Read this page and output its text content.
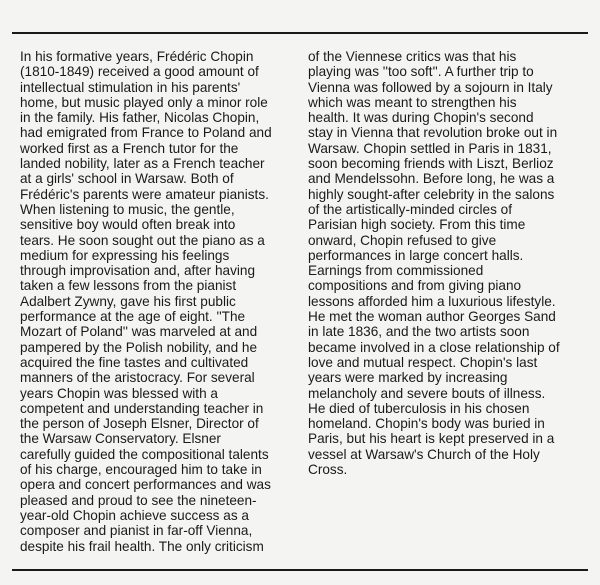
In his formative years, Frédéric Chopin
(1810-1849) received a good amount of
intellectual stimulation in his parents'
home, but music played only a minor role
in the family. His father, Nicolas Chopin,
had emigrated from France to Poland and
worked first as a French tutor for the
landed nobility, later as a French teacher
at a girls' school in Warsaw. Both of
Frédéric's parents were amateur pianists.
When listening to music, the gentle,
sensitive boy would often break into
tears. He soon sought out the piano as a
medium for expressing his feelings
through improvisation and, after having
taken a few lessons from the pianist
Adalbert Zywny, gave his first public
performance at the age of eight. ''The
Mozart of Poland'' was marveled at and
pampered by the Polish nobility, and he
acquired the fine tastes and cultivated
manners of the aristocracy. For several
years Chopin was blessed with a
competent and understanding teacher in
the person of Joseph Elsner, Director of
the Warsaw Conservatory. Elsner
carefully guided the compositional talents
of his charge, encouraged him to take in
opera and concert performances and was
pleased and proud to see the nineteen-
year-old Chopin achieve success as a
composer and pianist in far-off Vienna,
despite his frail health. The only criticism
of the Viennese critics was that his
playing was ''too soft''. A further trip to
Vienna was followed by a sojourn in Italy
which was meant to strengthen his
health. It was during Chopin's second
stay in Vienna that revolution broke out in
Warsaw. Chopin settled in Paris in 1831,
soon becoming friends with Liszt, Berlioz
and Mendelssohn. Before long, he was a
highly sought-after celebrity in the salons
of the artistically-minded circles of
Parisian high society. From this time
onward, Chopin refused to give
performances in large concert halls.
Earnings from commissioned
compositions and from giving piano
lessons afforded him a luxurious lifestyle.
He met the woman author Georges Sand
in late 1836, and the two artists soon
became involved in a close relationship of
love and mutual respect. Chopin's last
years were marked by increasing
melancholy and severe bouts of illness.
He died of tuberculosis in his chosen
homeland. Chopin's body was buried in
Paris, but his heart is kept preserved in a
vessel at Warsaw's Church of the Holy
Cross.
